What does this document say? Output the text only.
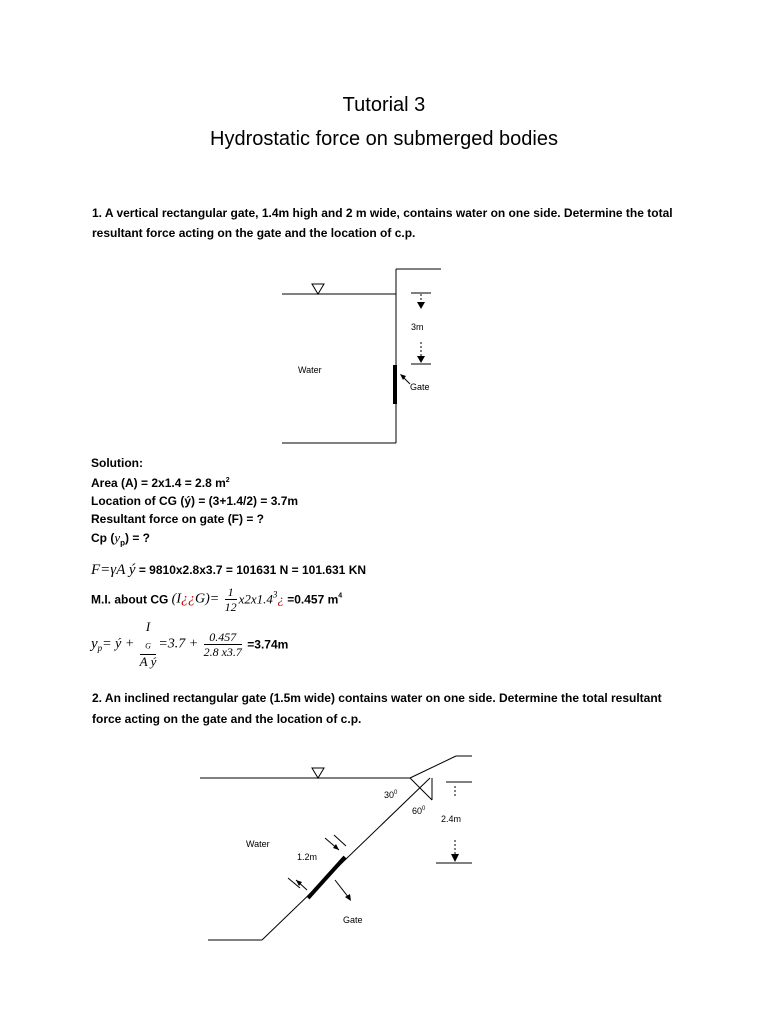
Tutorial 3
Hydrostatic force on submerged bodies
1. A vertical rectangular gate, 1.4m high and 2 m wide, contains water on one side. Determine the total
resultant force acting on the gate and the location of c.p.
3m
Water
Gate
Solution:
Area (A) = 2x1.4 = 2.8 $m^2$
Location of CG (ý) = (3+1.4/2) = 3.7m
Resultant force on gate (F) = ?
Cp $(y_p)$ = ?
F=γA ý = 9810x2.8x3.7 = 101631 N = 101.631 KN
M.I. about CG (I¿¿G)= $\frac{1}{12}$ $x2x1.4^3¿ =0.457$ $m^4$
$y_p=$ ý + I
$_G$
A ý $=3.7 + \frac{0.457}{2.8 x3.7} =3.74m$
2. An inclined rectangular gate (1.5m wide) contains water on one side. Determine the total resultant
force acting on the gate and the location of c.p.
$30^0$
$60^0$
2.4m
Water
1.2m
Gate
